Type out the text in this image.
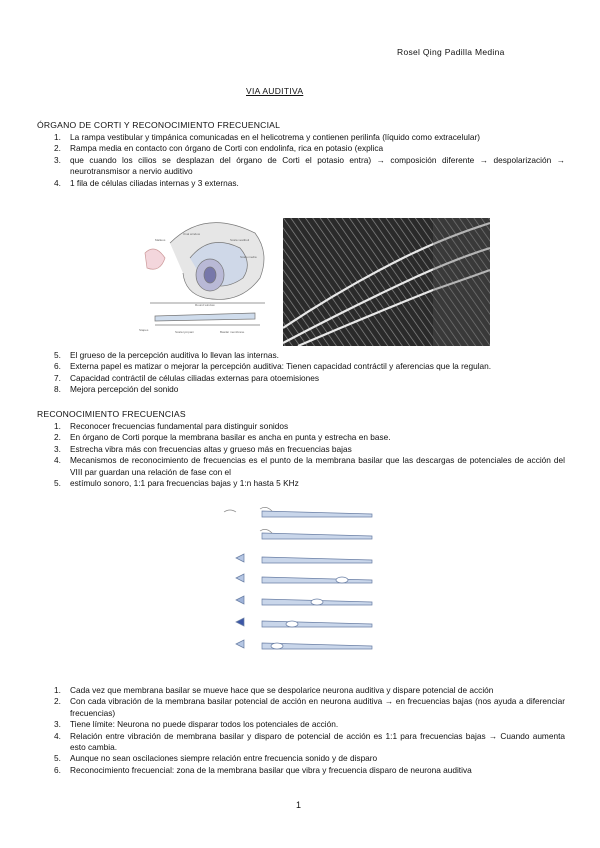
Rosel Qing Padilla Medina
VIA AUDITIVA
ÓRGANO DE CORTI Y RECONOCIMIENTO FRECUENCIAL
1. La rampa vestibular y timpánica comunicadas en el helicotrema y contienen perilinfa (líquido como extracelular)
2. Rampa media en contacto con órgano de Corti con endolinfa, rica en potasio (explica
3. que cuando los cilios se desplazan del órgano de Corti el potasio entra) → composición diferente → despolarización → neurotransmisor a nervio auditivo
4. 1 fila de células ciliadas internas y 3 externas.
Malleus
Oval window
Scala vestibuli
Scala media
Round window
Stapes	Scala tympani	Basilar membrane
5. El grueso de la percepción auditiva lo llevan las internas.
6. Externa papel es matizar o mejorar la percepción auditiva: Tienen capacidad contráctil y aferencias que la regulan.
7. Capacidad contráctil de células ciliadas externas para otoemisiones
8. Mejora percepción del sonido
RECONOCIMIENTO FRECUENCIAS
1. Reconocer frecuencias fundamental para distinguir sonidos
2. En órgano de Corti porque la membrana basilar es ancha en punta y estrecha en base.
3. Estrecha vibra más con frecuencias altas y grueso más en frecuencias bajas
4. Mecanismos de reconocimiento de frecuencias es el punto de la membrana basilar que las descargas de potenciales de acción del VIII par guardan una relación de fase con el
5. estímulo sonoro, 1:1 para frecuencias bajas y 1:n hasta 5 KHz
1. Cada vez que membrana basilar se mueve hace que se despolarice neurona auditiva y dispare potencial de acción
2. Con cada vibración de la membrana basilar potencial de acción en neurona auditiva → en frecuencias bajas (nos ayuda a diferenciar frecuencias)
3. Tiene límite: Neurona no puede disparar todos los potenciales de acción.
4. Relación entre vibración de membrana basilar y disparo de potencial de acción es 1:1 para frecuencias bajas → Cuando aumenta esto cambia.
5. Aunque no sean oscilaciones siempre relación entre frecuencia sonido y de disparo
6. Reconocimiento frecuencial: zona de la membrana basilar que vibra y frecuencia disparo de neurona auditiva
1
